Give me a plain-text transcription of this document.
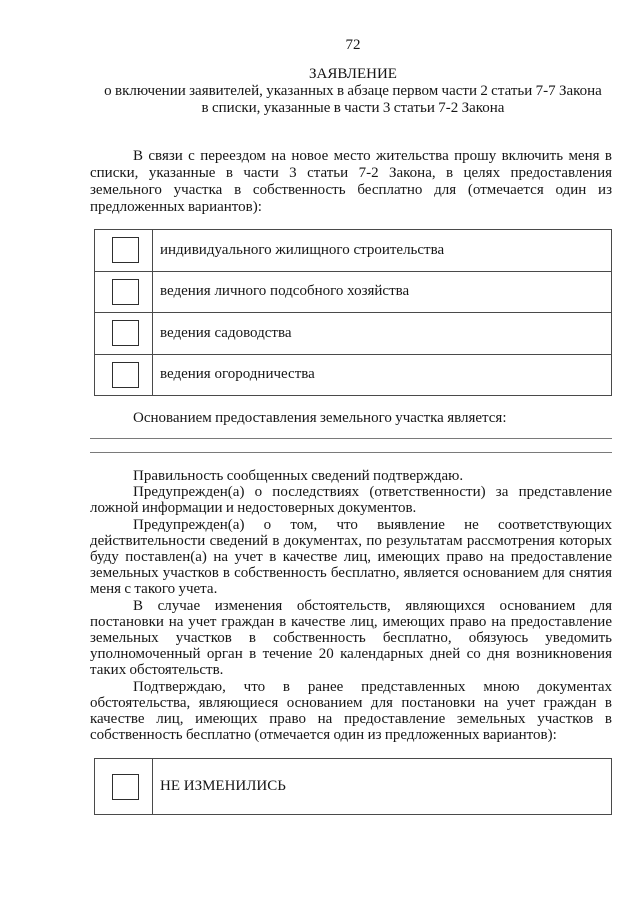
72
ЗАЯВЛЕНИЕ
о включении заявителей, указанных в абзаце первом части 2 статьи 7-7 Закона
в списки, указанные в части 3 статьи 7-2 Закона
В связи с переездом на новое место жительства прошу включить меня в
списки, указанные в части 3 статьи 7-2 Закона, в целях предоставления
земельного участка в собственность бесплатно для (отмечается один из
предложенных вариантов):
индивидуального жилищного строительства
ведения личного подсобного хозяйства
ведения садоводства
ведения огородничества
Основанием предоставления земельного участка является:
Правильность сообщенных сведений подтверждаю.
Предупрежден(а) о последствиях (ответственности) за представление
ложной информации и недостоверных документов.
Предупрежден(а) о том, что выявление не соответствующих
действительности сведений в документах, по результатам рассмотрения которых
буду поставлен(а) на учет в качестве лиц, имеющих право на предоставление
земельных участков в собственность бесплатно, является основанием для снятия
меня с такого учета.
В случае изменения обстоятельств, являющихся основанием для
постановки на учет граждан в качестве лиц, имеющих право на предоставление
земельных участков в собственность бесплатно, обязуюсь уведомить
уполномоченный орган в течение 20 календарных дней со дня возникновения
таких обстоятельств.
Подтверждаю, что в ранее представленных мною документах
обстоятельства, являющиеся основанием для постановки на учет граждан в
качестве лиц, имеющих право на предоставление земельных участков в
собственность бесплатно (отмечается один из предложенных вариантов):
НЕ ИЗМЕНИЛИСЬ
